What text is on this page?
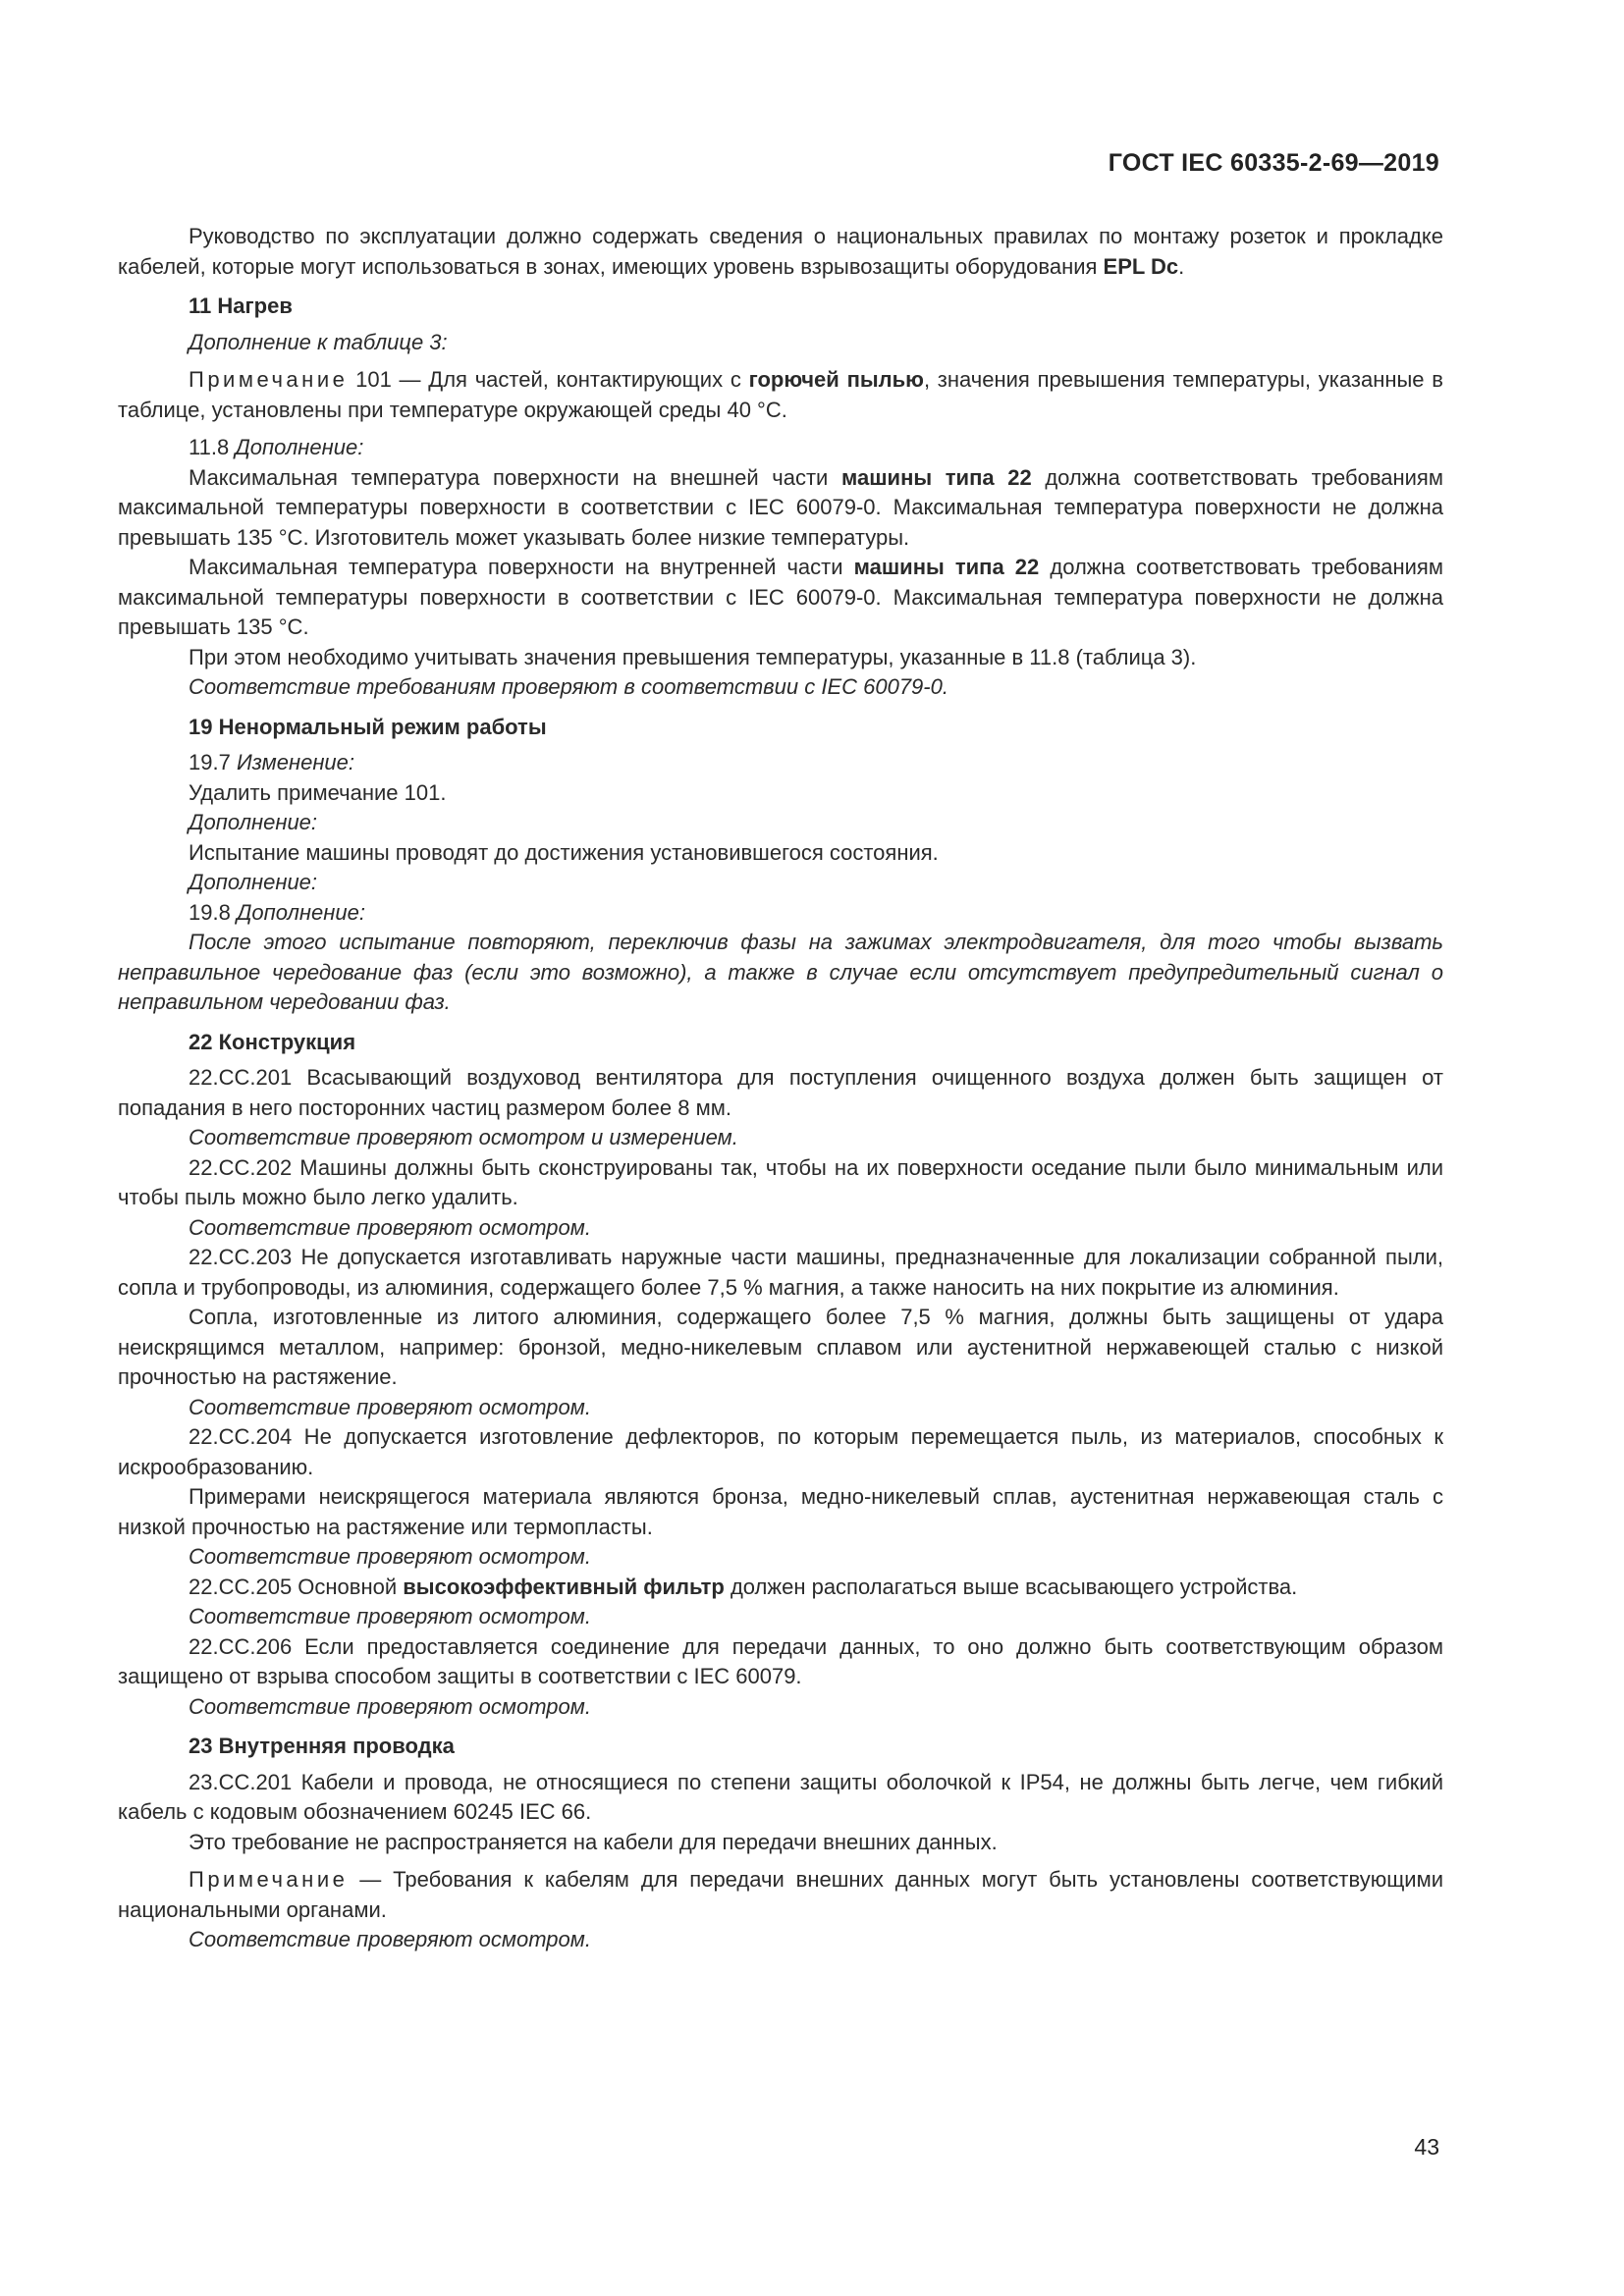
ГОСТ IEC 60335-2-69—2019

Руководство по эксплуатации должно содержать сведения о национальных правилах по монтажу розеток и прокладке кабелей, которые могут использоваться в зонах, имеющих уровень взрывозащиты оборудования EPL Dc.

11 Нагрев

Дополнение к таблице 3:

Примечание 101 — Для частей, контактирующих с горючей пылью, значения превышения температуры, указанные в таблице, установлены при температуре окружающей среды 40 °С.

11.8 Дополнение:

Максимальная температура поверхности на внешней части машины типа 22 должна соответствовать требованиям максимальной температуры поверхности в соответствии с IEC 60079-0. Максимальная температура поверхности не должна превышать 135 °С. Изготовитель может указывать более низкие температуры.

Максимальная температура поверхности на внутренней части машины типа 22 должна соответствовать требованиям максимальной температуры поверхности в соответствии с IEC 60079-0. Максимальная температура поверхности не должна превышать 135 °С.

При этом необходимо учитывать значения превышения температуры, указанные в 11.8 (таблица 3).

Соответствие требованиям проверяют в соответствии с IEC 60079-0.

19 Ненормальный режим работы

19.7 Изменение:

Удалить примечание 101.

Дополнение:

Испытание машины проводят до достижения установившегося состояния.

Дополнение:

19.8 Дополнение:

После этого испытание повторяют, переключив фазы на зажимах электродвигателя, для того чтобы вызвать неправильное чередование фаз (если это возможно), а также в случае если отсутствует предупредительный сигнал о неправильном чередовании фаз.

22 Конструкция

22.СС.201 Всасывающий воздуховод вентилятора для поступления очищенного воздуха должен быть защищен от попадания в него посторонних частиц размером более 8 мм.

Соответствие проверяют осмотром и измерением.

22.СС.202 Машины должны быть сконструированы так, чтобы на их поверхности оседание пыли было минимальным или чтобы пыль можно было легко удалить.

Соответствие проверяют осмотром.

22.СС.203 Не допускается изготавливать наружные части машины, предназначенные для локализации собранной пыли, сопла и трубопроводы, из алюминия, содержащего более 7,5 % магния, а также наносить на них покрытие из алюминия.

Сопла, изготовленные из литого алюминия, содержащего более 7,5 % магния, должны быть защищены от удара неискрящимся металлом, например: бронзой, медно-никелевым сплавом или аустенитной нержавеющей сталью с низкой прочностью на растяжение.

Соответствие проверяют осмотром.

22.СС.204 Не допускается изготовление дефлекторов, по которым перемещается пыль, из материалов, способных к искрообразованию.

Примерами неискрящегося материала являются бронза, медно-никелевый сплав, аустенитная нержавеющая сталь с низкой прочностью на растяжение или термопласты.

Соответствие проверяют осмотром.

22.СС.205 Основной высокоэффективный фильтр должен располагаться выше всасывающего устройства.

Соответствие проверяют осмотром.

22.СС.206 Если предоставляется соединение для передачи данных, то оно должно быть соответствующим образом защищено от взрыва способом защиты в соответствии с IEC 60079.

Соответствие проверяют осмотром.

23 Внутренняя проводка

23.СС.201 Кабели и провода, не относящиеся по степени защиты оболочкой к IP54, не должны быть легче, чем гибкий кабель с кодовым обозначением 60245 IEC 66.

Это требование не распространяется на кабели для передачи внешних данных.

Примечание — Требования к кабелям для передачи внешних данных могут быть установлены соответствующими национальными органами.

Соответствие проверяют осмотром.

43
